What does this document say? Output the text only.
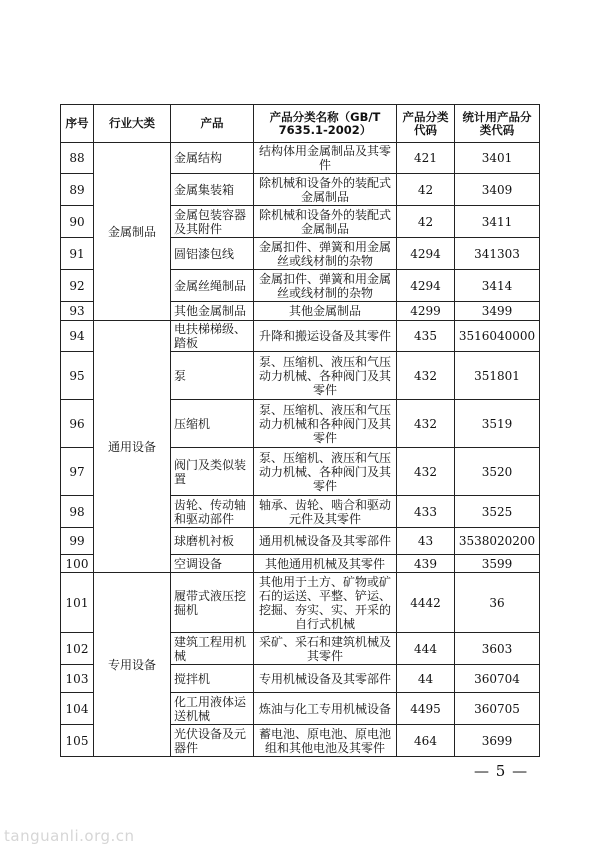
序号	行业大类	产品	产品分类名称（GB/T 7635.1-2002）	产品分类代码	统计用产品分类代码
88	金属制品	金属结构	结构体用金属制品及其零件	421	3401
89		金属集装箱	除机械和设备外的装配式金属制品	42	3409
90		金属包装容器及其附件	除机械和设备外的装配式金属制品	42	3411
91		圆铝漆包线	金属扣件、弹簧和用金属丝或线材制的杂物	4294	341303
92		金属丝绳制品	金属扣件、弹簧和用金属丝或线材制的杂物	4294	3414
93		其他金属制品	其他金属制品	4299	3499
94	通用设备	电扶梯梯级、踏板	升降和搬运设备及其零件	435	3516040000
95		泵	泵、压缩机、液压和气压动力机械、各种阀门及其零件	432	351801
96		压缩机	泵、压缩机、液压和气压动力机械和各种阀门及其零件	432	3519
97		阀门及类似装置	泵、压缩机、液压和气压动力机械、各种阀门及其零件	432	3520
98		齿轮、传动轴和驱动部件	轴承、齿轮、啮合和驱动元件及其零件	433	3525
99		球磨机衬板	通用机械设备及其零部件	43	3538020200
100		空调设备	其他通用机械及其零件	439	3599
101	专用设备	履带式液压挖掘机	其他用于土方、矿物或矿石的运送、平整、铲运、挖掘、夯实、实、开采的自行式机械	4442	36
102		建筑工程用机械	采矿、采石和建筑机械及其零件	444	3603
103		搅拌机	专用机械设备及其零部件	44	360704
104		化工用液体运送机械	炼油与化工专用机械设备	4495	360705
105		光伏设备及元器件	蓄电池、原电池、原电池组和其他电池及其零件	464	3699
— 5 —
tanguanli.org.cn
